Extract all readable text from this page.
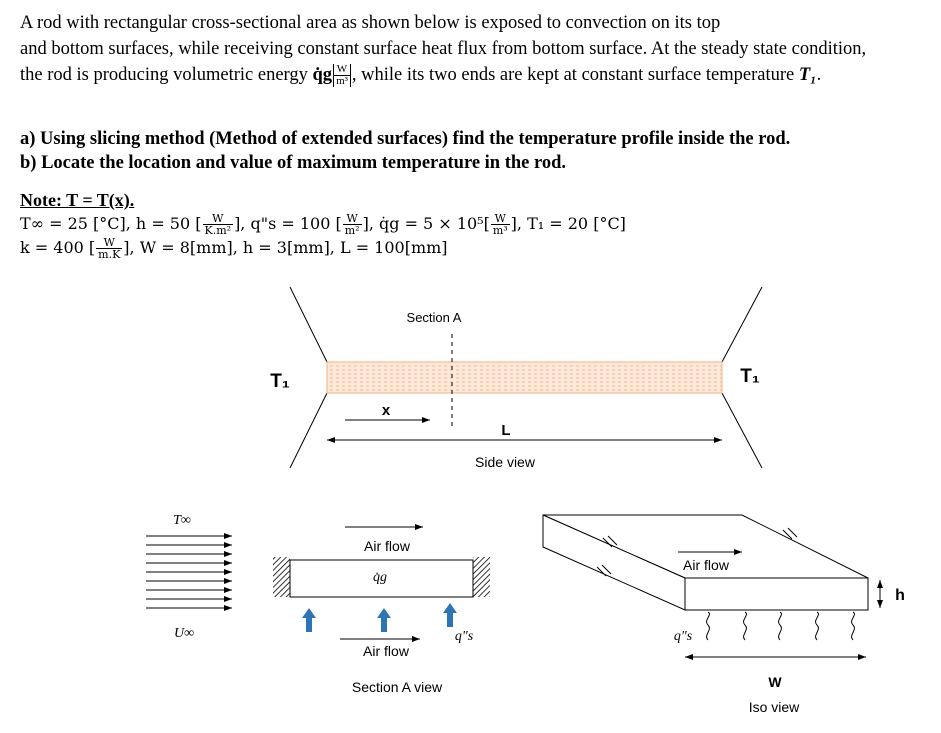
A rod with rectangular cross-sectional area as shown below is exposed to convection on its top

and bottom surfaces, while receiving constant surface heat flux from bottom surface. At the steady state condition,

the rod is producing volumetric energy q̇g $\frac{W}{\text{m³}}$ , while its two ends are kept at constant surface temperature T₁.

a) Using slicing method (Method of extended surfaces) find the temperature profile inside the rod.
b) Locate the location and value of maximum temperature in the rod.
Note: T = T(x).
T∞ = 25 [°C], h = 50 [ $\frac{W}{\text{K.m²}}$ ], q"s = 100 [ $\frac{W}{\text{m²}}$ ], q̇g = $5 \times 10^5[ \frac{W}{\text{m³}}$ ], T₁ = 20 [°C]
k = 400 [ $\frac{W}{m.K}$ ], W = 8[mm], h = 3[mm], L = 100[mm]
Section A
T₁	T₁
x
L
Side view
T∞
U∞
Air flow
q̇g
q"s
Air flow
Section A view
Air flow
h
q"s
W
Iso view
